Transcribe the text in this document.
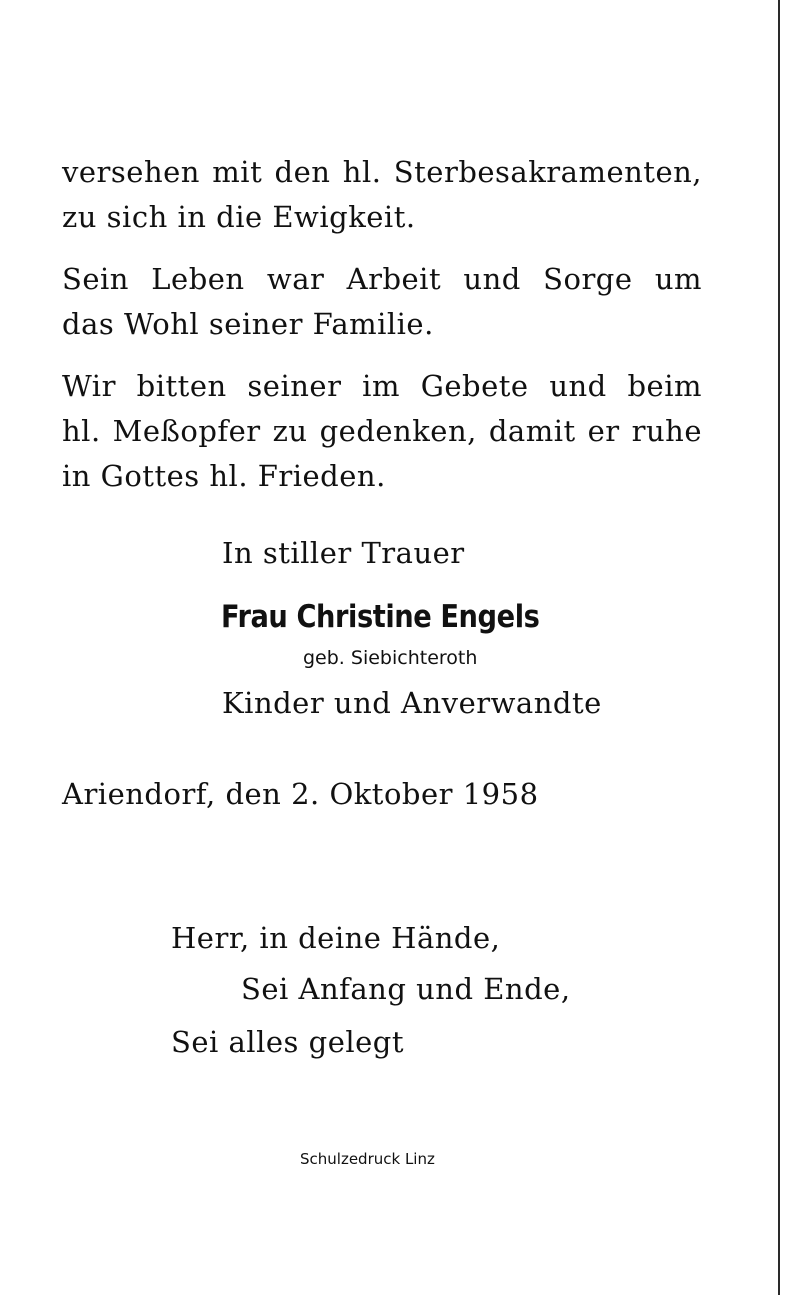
versehen mit den hl. Sterbesakramenten,
zu sich in die Ewigkeit.

Sein Leben war Arbeit und Sorge um
das Wohl seiner Familie.

Wir bitten seiner im Gebete und beim
hl. Meßopfer zu gedenken, damit er ruhe
in Gottes hl. Frieden.

In stiller Trauer
Frau Christine Engels
geb. Siebichteroth
Kinder und Anverwandte
Ariendorf, den 2. Oktober 1958
Herr, in deine Hände,
Sei Anfang und Ende,
Sei alles gelegt
Schulzedruck Linz
